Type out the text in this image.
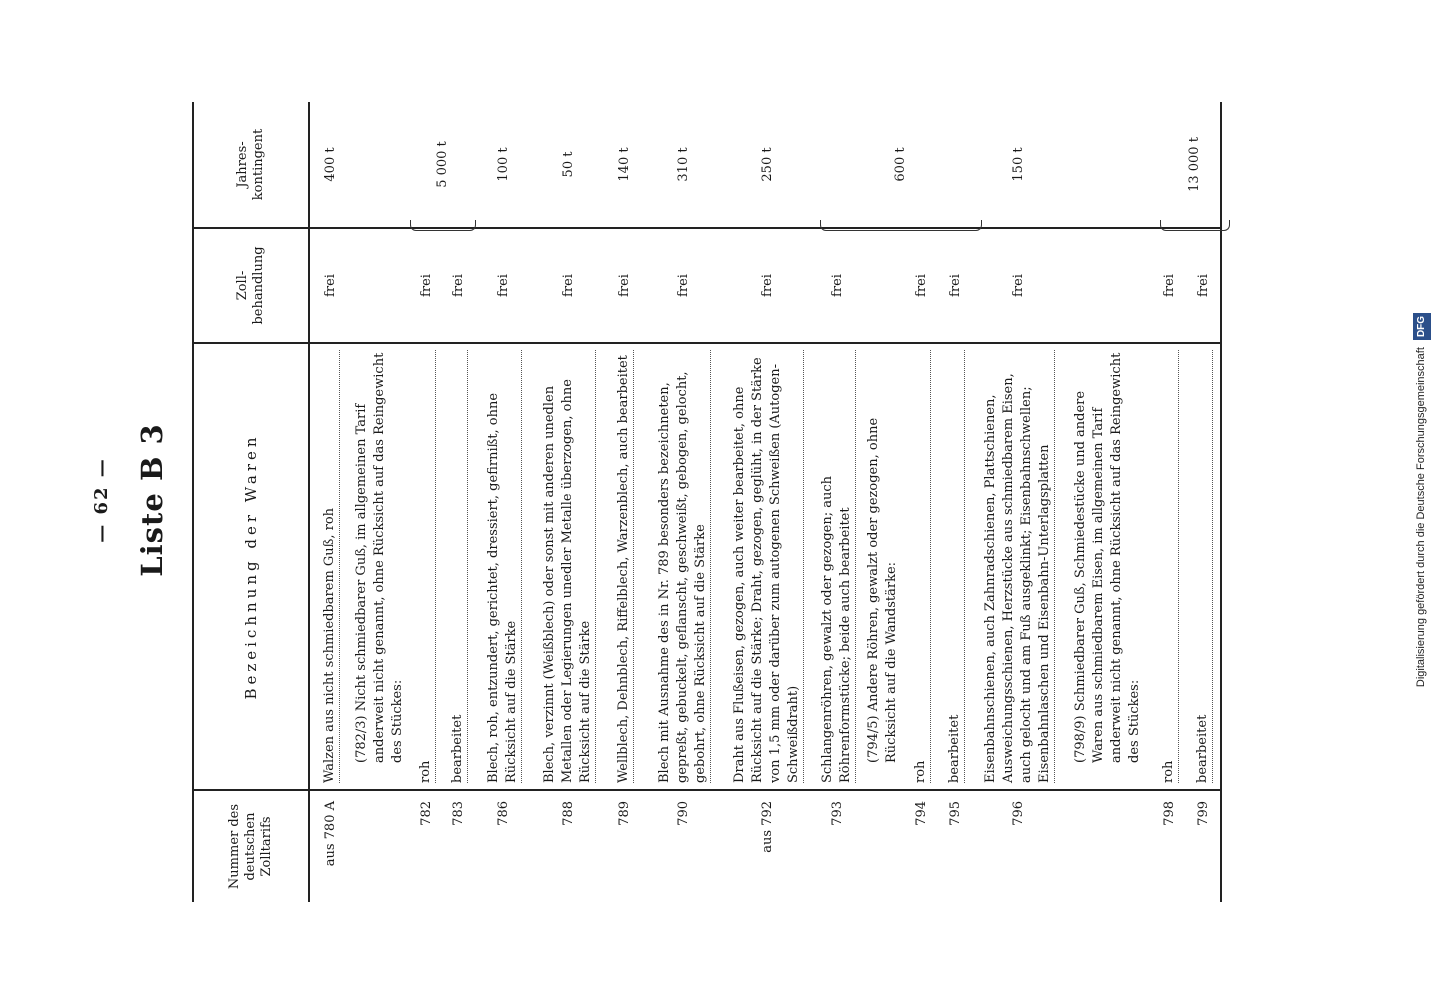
— 62 — Liste B 3
Nummer des deutschen Zolltarifs
Bezeichnung der Waren
Zoll-behandlung
Jahres-kontingent
aus 780 A
Walzen aus nicht schmiedbarem Guß, roh
frei
400 t
(782/3) Nicht schmiedbarer Guß, im allgemeinen Tarif anderweit nicht genannt, ohne Rücksicht auf das Reingewicht des Stückes:
782
roh
frei
783
bearbeitet
frei
786
Blech, roh, entzundert, gerichtet, dressiert, gefirnißt, ohne Rücksicht auf die Stärke
frei
100 t
788
Blech, verzinnt (Weißblech) oder sonst mit anderen unedlen Metallen oder Legierungen unedler Metalle überzogen, ohne Rücksicht auf die Stärke
frei
50 t
789
Wellblech, Dehnblech, Riffelblech, Warzenblech, auch bearbeitet
frei
140 t
790
Blech mit Ausnahme des in Nr. 789 besonders bezeichneten, gepreßt, gebuckelt, geflanscht, geschweißt, gebogen, gelocht, gebohrt, ohne Rücksicht auf die Stärke
frei
310 t
aus 792
Draht aus Flußeisen, gezogen, auch weiter bearbeitet, ohne Rücksicht auf die Stärke; Draht, gezogen, geglüht, in der Stärke von 1,5 mm oder darüber zum autogenen Schweißen (Autogen-Schweißdraht)
frei
250 t
793
Schlangenröhren, gewalzt oder gezogen; auch Röhrenformstücke; beide auch bearbeitet
frei
(794/5) Andere Röhren, gewalzt oder gezogen, ohne Rücksicht auf die Wandstärke:
794
roh
frei
795
bearbeitet
frei
796
Eisenbahnschienen, auch Zahnradschienen, Plattschienen, Ausweichungsschienen, Herzstücke aus schmiedbarem Eisen, auch gelocht und am Fuß ausgeklinkt; Eisenbahnschwellen; Eisenbahnlaschen und Eisenbahn-Unterlagsplatten
frei
150 t
(798/9) Schmiedbarer Guß, Schmiedestücke und andere Waren aus schmiedbarem Eisen, im allgemeinen Tarif anderweit nicht genannt, ohne Rücksicht auf das Reingewicht des Stückes:
798
roh
frei
799
bearbeitet
frei
5 000 t	600 t	13 000 t
Digitalisierung gefördert durch die Deutsche Forschungsgemeinschaft DFG
